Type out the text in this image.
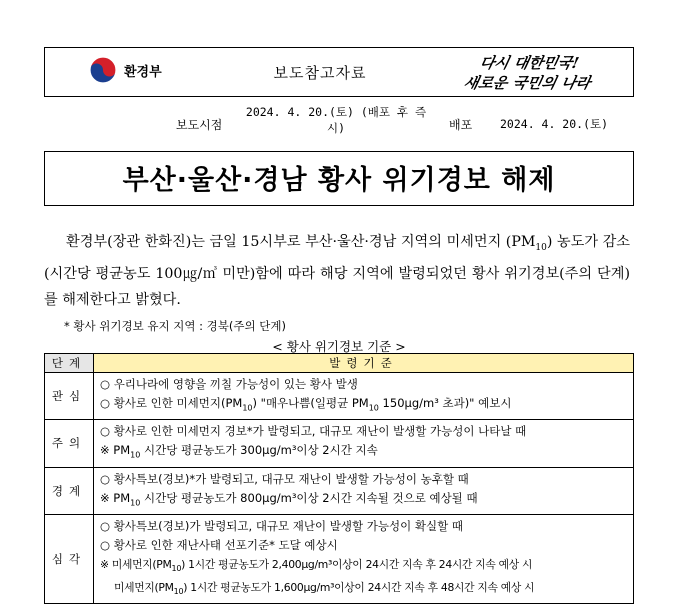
환경부	보도참고자료
다시 대한민국!
새로운 국민의 나라
보도시점
2024. 4. 20.(토) (배포 후 즉
시)	배포 2024. 4. 20.(토)
부산·울산·경남 황사 위기경보 해제
환경부(장관 한화진)는 금일 15시부로 부산·울산·경남 지역의 미세먼지 $(PM_{10})$ 농도가 감소(시간당 평균농도 100㎍/㎥ 미만)함에 따라 해당 지역에 발령되었던 황사 위기경보(주의 단계)를 해제한다고 밝혔다.
* 황사 위기경보 유지 지역 : 경북(주의 단계)
< 황사 위기경보 기준 >
단계	발령기준
관심	○ 우리나라에 영향을 끼칠 가능성이 있는 황사 발생
○ 황사로 인한 미세먼지$(PM_{10})$ "매우나쁨(일평균 $PM_{10}$ 150μg/m³ 초과)" 예보시

주의	○ 황사로 인한 미세먼지 경보*가 발령되고, 대규모 재난이 발생할 가능성이 나타날 때
※ $PM_{10}$ 시간당 평균농도가 300μg/m³이상 2시간 지속

경계	○ 황사특보(경보)*가 발령되고, 대규모 재난이 발생할 가능성이 농후할 때
※ $PM_{10}$ 시간당 평균농도가 800μg/m³이상 2시간 지속될 것으로 예상될 때

심각	○ 황사특보(경보)가 발령되고, 대규모 재난이 발생할 가능성이 확실할 때
○ 황사로 인한 재난사태 선포기준* 도달 예상시
※ 미세먼지$(PM_{10})$ 1시간 평균농도가 2,400μg/m³이상이 24시간 지속 후 24시간 지속 예상 시
미세먼지$(PM_{10})$ 1시간 평균농도가 1,600μg/m³이상이 24시간 지속 후 48시간 지속 예상 시
